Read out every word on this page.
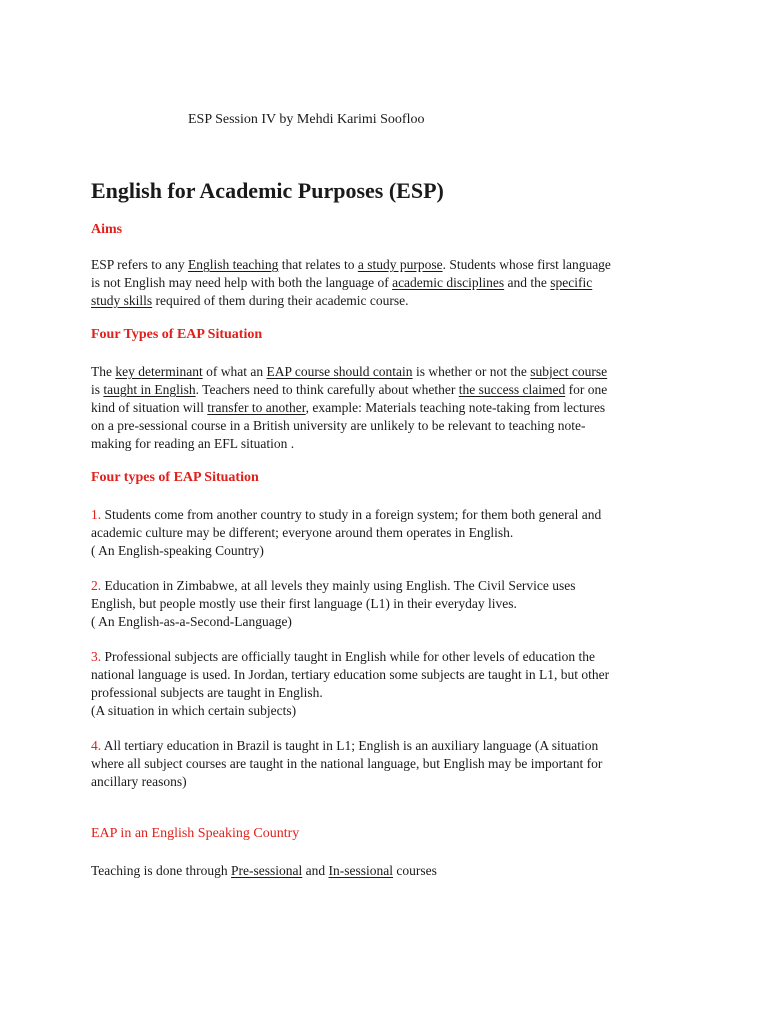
ESP Session IV by Mehdi Karimi Soofloo
English for Academic Purposes (ESP)
Aims
ESP refers to any English teaching that relates to a study purpose. Students whose first language
is not English may need help with both the language of academic disciplines and the specific
study skills required of them during their academic course.
Four Types of EAP Situation
The key determinant of what an EAP course should contain is whether or not the subject course
is taught in English. Teachers need to think carefully about whether the success claimed for one
kind of situation will transfer to another, example: Materials teaching note-taking from lectures
on a pre-sessional course in a British university are unlikely to be relevant to teaching note-
making for reading an EFL situation .
Four types of EAP Situation
1. Students come from another country to study in a foreign system; for them both general and
academic culture may be different; everyone around them operates in English.
( An English-speaking Country)
2. Education in Zimbabwe, at all levels they mainly using English. The Civil Service uses
English, but people mostly use their first language (L1) in their everyday lives.
( An English-as-a-Second-Language)
3. Professional subjects are officially taught in English while for other levels of education the
national language is used. In Jordan, tertiary education some subjects are taught in L1, but other
professional subjects are taught in English.
(A situation in which certain subjects)
4. All tertiary education in Brazil is taught in L1; English is an auxiliary language (A situation
where all subject courses are taught in the national language, but English may be important for
ancillary reasons)
EAP in an English Speaking Country
Teaching is done through Pre-sessional and In-sessional courses
